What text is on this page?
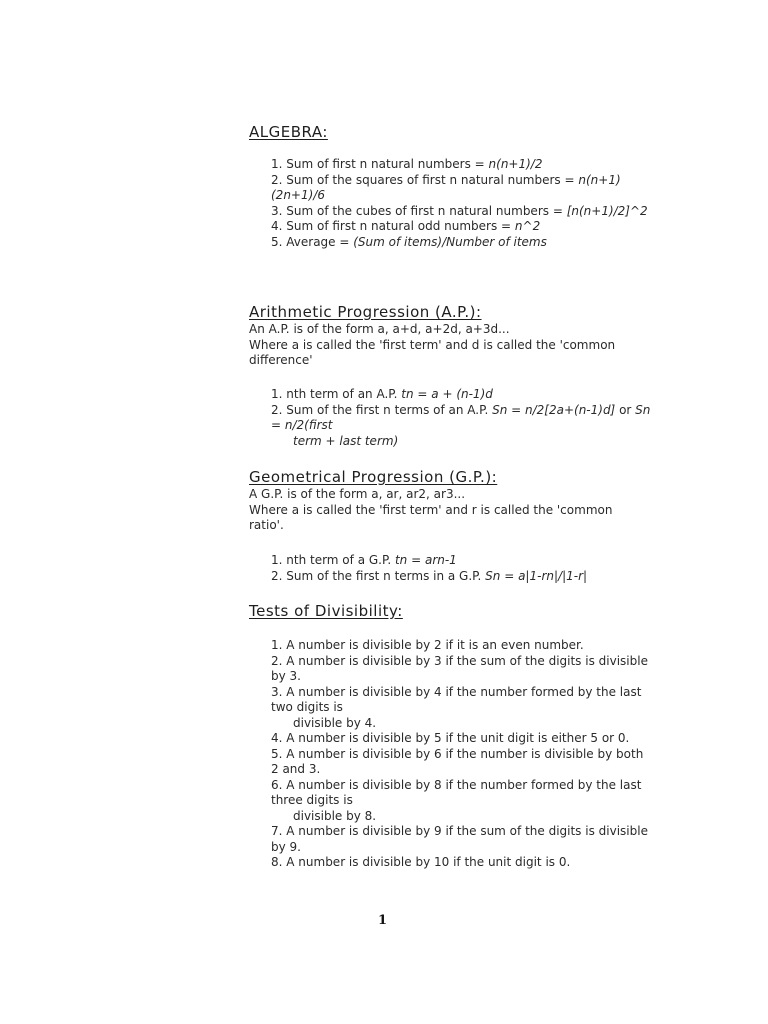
ALGEBRA:
1. Sum of first n natural numbers = n(n+1)/2
2. Sum of the squares of first n natural numbers = n(n+1)(2n+1)/6
3. Sum of the cubes of first n natural numbers = [n(n+1)/2]^2
4. Sum of first n natural odd numbers = n^2
5. Average = (Sum of items)/Number of items
Arithmetic Progression (A.P.):

An A.P. is of the form a, a+d, a+2d, a+3d...

Where a is called the 'first term' and d is called the 'common difference'

1. nth term of an A.P. tn = a + (n-1)d
2. Sum of the first n terms of an A.P. Sn = n/2[2a+(n-1)d] or Sn = n/2(first
term + last term)
Geometrical Progression (G.P.):

A G.P. is of the form a, ar, ar2, ar3...

Where a is called the 'first term' and r is called the 'common ratio'.

1. nth term of a G.P. tn = arn-1
2. Sum of the first n terms in a G.P. Sn = a|1-rn|/|1-r|
Tests of Divisibility:
1. A number is divisible by 2 if it is an even number.
2. A number is divisible by 3 if the sum of the digits is divisible by 3.
3. A number is divisible by 4 if the number formed by the last two digits is
divisible by 4.
4. A number is divisible by 5 if the unit digit is either 5 or 0.
5. A number is divisible by 6 if the number is divisible by both 2 and 3.
6. A number is divisible by 8 if the number formed by the last three digits is
divisible by 8.
7. A number is divisible by 9 if the sum of the digits is divisible by 9.
8. A number is divisible by 10 if the unit digit is 0.
1
